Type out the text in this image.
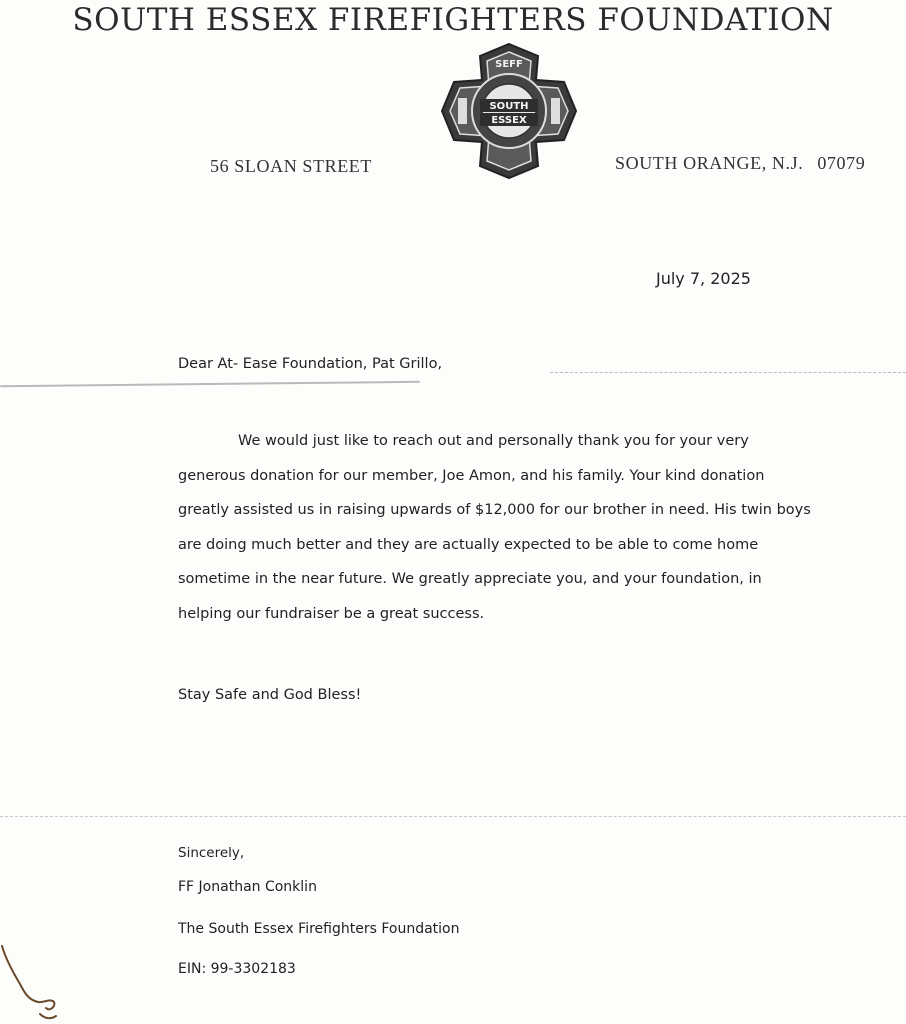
SOUTH ESSEX FIREFIGHTERS FOUNDATION
SEFF
SOUTH
ESSEX
56 SLOAN STREET	SOUTH ORANGE, N.J. 07079
July 7, 2025
Dear At- Ease Foundation, Pat Grillo,
We would just like to reach out and personally thank you for your very generous donation for our member, Joe Amon, and his family. Your kind donation greatly assisted us in raising upwards of $12,000 for our brother in need. His twin boys are doing much better and they are actually expected to be able to come home sometime in the near future. We greatly appreciate you, and your foundation, in helping our fundraiser be a great success.
Stay Safe and God Bless!
Sincerely,
FF Jonathan Conklin
The South Essex Firefighters Foundation
EIN: 99-3302183
